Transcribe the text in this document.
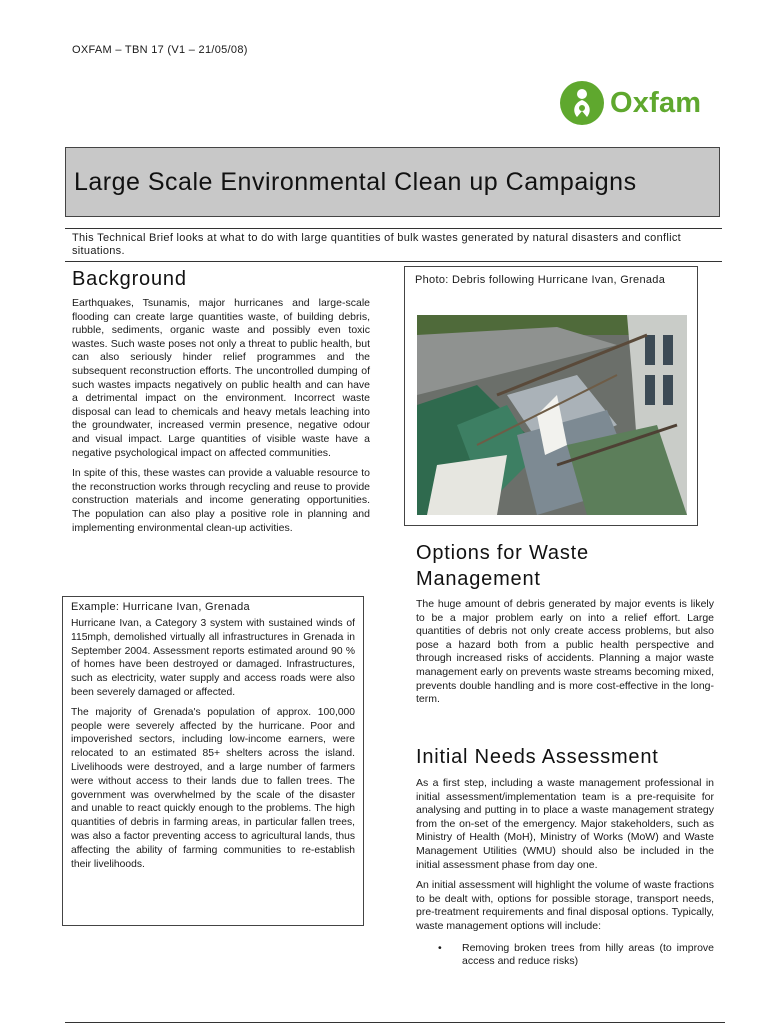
OXFAM – TBN 17 (V1 – 21/05/08)
Oxfam
Large Scale Environmental Clean up Campaigns
This Technical Brief looks at what to do with large quantities of bulk wastes generated by natural disasters and conflict situations.
Background

Earthquakes, Tsunamis, major hurricanes and large-scale flooding can create large quantities waste, of building debris, rubble, sediments, organic waste and possibly even toxic wastes. Such waste poses not only a threat to public health, but can also seriously hinder relief programmes and the subsequent reconstruction efforts. The uncontrolled dumping of such wastes impacts negatively on public health and can have a detrimental impact on the environment. Incorrect waste disposal can lead to chemicals and heavy metals leaching into the groundwater, increased vermin presence, negative odour and visual impact. Large quantities of visible waste have a negative psychological impact on affected communities.

In spite of this, these wastes can provide a valuable resource to the reconstruction works through recycling and reuse to provide construction materials and income generating opportunities. The population can also play a positive role in planning and implementing environmental clean-up activities.

Photo: Debris following Hurricane Ivan, Grenada
Example: Hurricane Ivan, Grenada

Hurricane Ivan, a Category 3 system with sustained winds of 115mph, demolished virtually all infrastructures in Grenada in September 2004. Assessment reports estimated around 90 % of homes have been destroyed or damaged. Infrastructures, such as electricity, water supply and access roads were also been severely damaged or affected.

The majority of Grenada's population of approx. 100,000 people were severely affected by the hurricane. Poor and impoverished sectors, including low-income earners, were relocated to an estimated 85+ shelters across the island. Livelihoods were destroyed, and a large number of farmers were without access to their lands due to fallen trees. The government was overwhelmed by the scale of the disaster and unable to react quickly enough to the problems. The high quantities of debris in farming areas, in particular fallen trees, was also a factor preventing access to agricultural lands, thus affecting the ability of farming communities to re-establish their livelihoods.

Options for Waste Management

The huge amount of debris generated by major events is likely to be a major problem early on into a relief effort. Large quantities of debris not only create access problems, but also pose a hazard both from a public health perspective and through increased risks of accidents. Planning a major waste management early on prevents waste streams becoming mixed, prevents double handling and is more cost-effective in the long-term.

Initial Needs Assessment

As a first step, including a waste management professional in initial assessment/implementation team is a pre-requisite for analysing and putting in to place a waste management strategy from the on-set of the emergency. Major stakeholders, such as Ministry of Health (MoH), Ministry of Works (MoW) and Waste Management Utilities (WMU) should also be included in the initial assessment phase from day one.

An initial assessment will highlight the volume of waste fractions to be dealt with, options for possible storage, transport needs, pre-treatment requirements and final disposal options. Typically, waste management options will include:

• Removing broken trees from hilly areas (to improve access and reduce risks)
